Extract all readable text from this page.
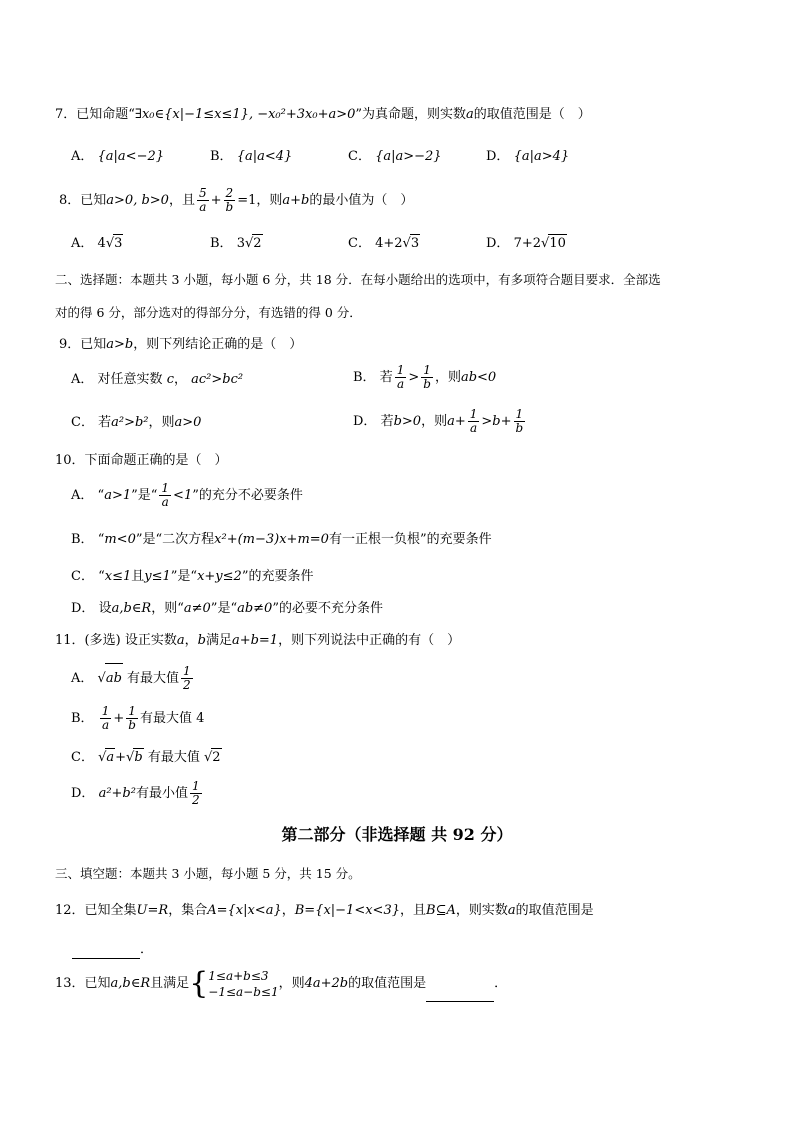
7．已知命题“∃x₀∈{x|−1≤x≤1}, −x₀²+3x₀+a>0”为真命题，则实数a的取值范围是（　）
A． {a|a<−2}	B． {a|a<4}	C． {a|a>−2}	D． {a|a>4}
8．已知a>0, b>0，且 $\frac{5}{a} + \frac{2}{b} =1$，则a+b的最小值为（　）
A． 4√3	B． 3√2	C． 4+2√3	D． 7+2√10
二、选择题：本题共 3 小题，每小题 6 分，共 18 分．在每小题给出的选项中，有多项符合题目要求．全部选
对的得 6 分，部分选对的得部分分，有选错的得 0 分．
9．已知a>b，则下列结论正确的是（　）
A． 对任意实数 c， ac²>bc²	B． 若 $\frac{1}{a} > \frac{1}{b}$ ，则ab<0
C． 若a²>b²，则a>0	D． 若b>0，则$a+ \frac{1}{a} >b+ \frac{1}{b}$
10．下面命题正确的是（　）
A． “a>1”是“ $\frac{1}{a} <1$”的充分不必要条件
B． “m<0”是“二次方程x²+(m−3)x+m=0有一正根一负根”的充要条件
C． “x≤1且y≤1”是“x+y≤2”的充要条件
D． 设a,b∈R，则“a≠0”是“ab≠0”的必要不充分条件
11．(多选) 设正实数a，b满足a+b=1，则下列说法中正确的有（　）
A． √ab 有最大值 $\frac{1}{2}$
B． $\frac{1}{a} + \frac{1}{b}$ 有最大值 4
C． √a+√b 有最大值 √2
D． a²+b²有最小值 $\frac{1}{2}$
第二部分（非选择题 共 92 分）
三、填空题：本题共 3 小题，每小题 5 分，共 15 分。
12．已知全集U=R，集合A={x|x<a}，B={x|−1<x<3}，且B⊆A，则实数a的取值范围是
．
13．已知a,b∈R且满足{ 1≤a+b≤3
−1≤a−b≤1
，则4a+2b的取值范围是	．
